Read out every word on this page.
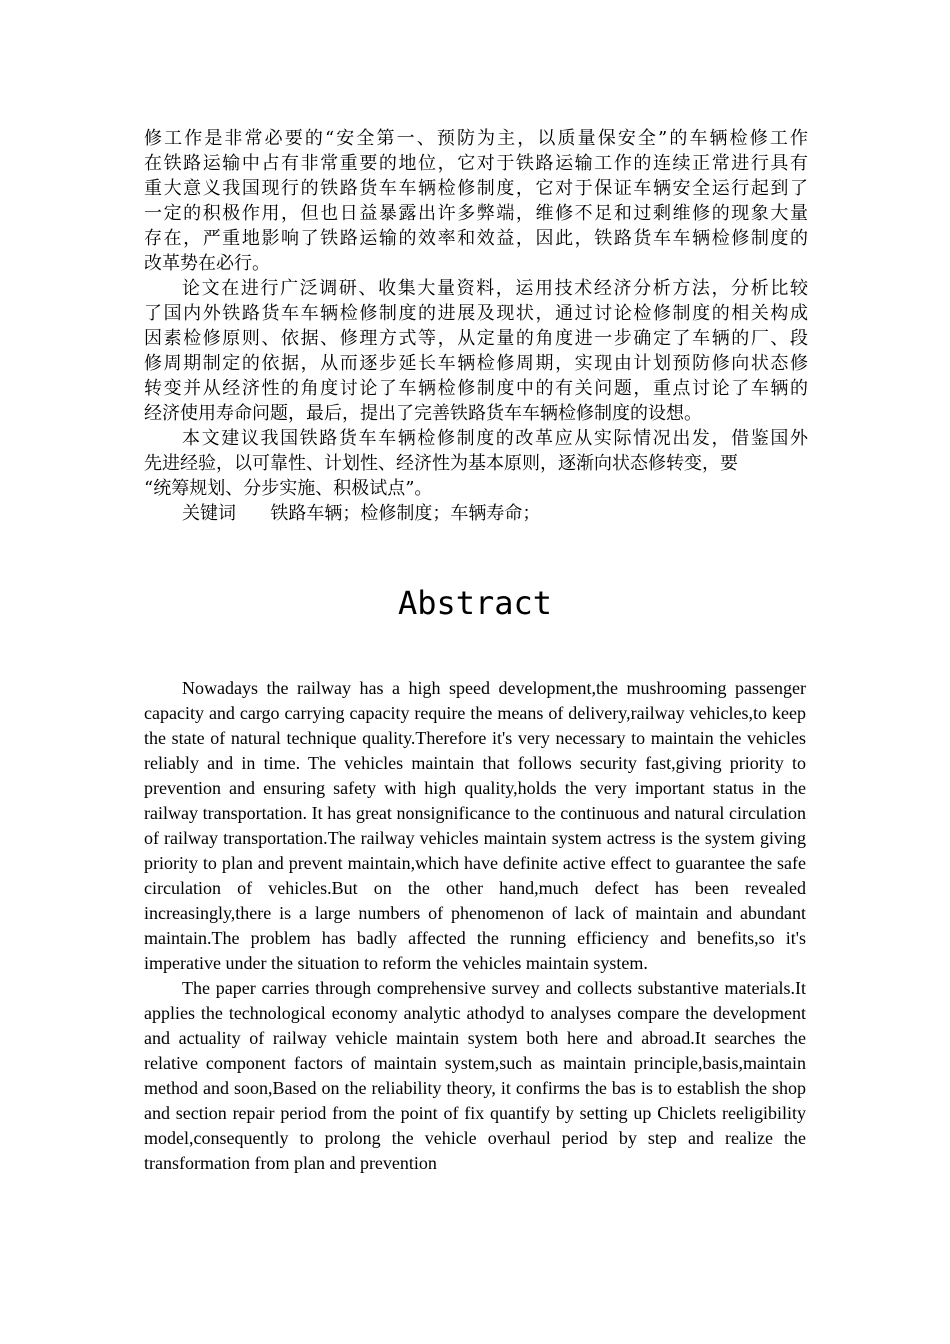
修工作是非常必要的“安全第一、预防为主，以质量保安全”的车辆检修工作
在铁路运输中占有非常重要的地位，它对于铁路运输工作的连续正常进行具有
重大意义我国现行的铁路货车车辆检修制度，它对于保证车辆安全运行起到了
一定的积极作用，但也日益暴露出许多弊端，维修不足和过剩维修的现象大量
存在，严重地影响了铁路运输的效率和效益，因此，铁路货车车辆检修制度的
改革势在必行。
论文在进行广泛调研、收集大量资料，运用技术经济分析方法，分析比较
了国内外铁路货车车辆检修制度的进展及现状，通过讨论检修制度的相关构成
因素检修原则、依据、修理方式等，从定量的角度进一步确定了车辆的厂、段
修周期制定的依据，从而逐步延长车辆检修周期，实现由计划预防修向状态修
转变并从经济性的角度讨论了车辆检修制度中的有关问题，重点讨论了车辆的
经济使用寿命问题，最后，提出了完善铁路货车车辆检修制度的设想。
本文建议我国铁路货车车辆检修制度的改革应从实际情况出发，借鉴国外
先进经验，以可靠性、计划性、经济性为基本原则，逐渐向状态修转变，要
“统筹规划、分步实施、积极试点”。
关键词 铁路车辆；检修制度；车辆寿命；
Abstract

Nowadays the railway has a high speed development,the mushrooming passenger capacity and cargo carrying capacity require the means of delivery,railway vehicles,to keep the state of natural technique quality.Therefore it's very necessary to maintain the vehicles reliably and in time. The vehicles maintain that follows security fast,giving priority to prevention and ensuring safety with high quality,holds the very important status in the railway transportation. It has great nonsignificance to the continuous and natural circulation of railway transportation.The railway vehicles maintain system actress is the system giving priority to plan and prevent maintain,which have definite active effect to guarantee the safe circulation of vehicles.But on the other hand,much defect has been revealed increasingly,there is a large numbers of phenomenon of lack of maintain and abundant maintain.The problem has badly affected the running efficiency and benefits,so it's imperative under the situation to reform the vehicles maintain system.

The paper carries through comprehensive survey and collects substantive materials.It applies the technological economy analytic athodyd to analyses compare the development and actuality of railway vehicle maintain system both here and abroad.It searches the relative component factors of maintain system,such as maintain principle,basis,maintain method and soon,Based on the reliability theory, it confirms the bas is to establish the shop and section repair period from the point of fix quantify by setting up Chiclets reeligibility model,consequently to prolong the vehicle overhaul period by step and realize the transformation from plan and prevention
